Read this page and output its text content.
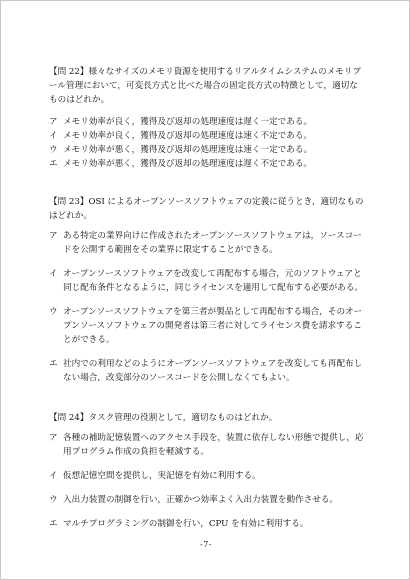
【問 22】様々なサイズのメモリ資源を使用するリアルタイムシステムのメモリプール管理において，可変長方式と比べた場合の固定長方式の特徴として，適切なものはどれか。

ア メモリ効率が良く，獲得及び返却の処理速度は遅く一定である。
イ メモリ効率が良く，獲得及び返却の処理速度は速く不定である。
ウ メモリ効率が悪く，獲得及び返却の処理速度は速く一定である。
エ メモリ効率が悪く，獲得及び返却の処理速度は遅く不定である。

【問 23】OSI によるオープンソースソフトウェアの定義に従うとき，適切なものはどれか。

ア ある特定の業界向けに作成されたオープンソースソフトウェアは，ソースコードを公開する範囲をその業界に限定することができる。
イ オープンソースソフトウェアを改変して再配布する場合，元のソフトウェアと同じ配布条件となるように，同じライセンスを適用して配布する必要がある。
ウ オープンソースソフトウェアを第三者が製品として再配布する場合，そのオープンソースソフトウェアの開発者は第三者に対してライセンス費を請求することができる。
エ 社内での利用などのようにオープンソースソフトウェアを改変しても再配布しない場合，改変部分のソースコードを公開しなくてもよい。

【問 24】タスク管理の役割として，適切なものはどれか。

ア 各種の補助記憶装置へのアクセス手段を，装置に依存しない形態で提供し，応用プログラム作成の負担を軽減する。
イ 仮想記憶空間を提供し，実記憶を有効に利用する。
ウ 入出力装置の制御を行い，正確かつ効率よく入出力装置を動作させる。
エ マルチプログラミングの制御を行い，CPU を有効に利用する。
-7-
